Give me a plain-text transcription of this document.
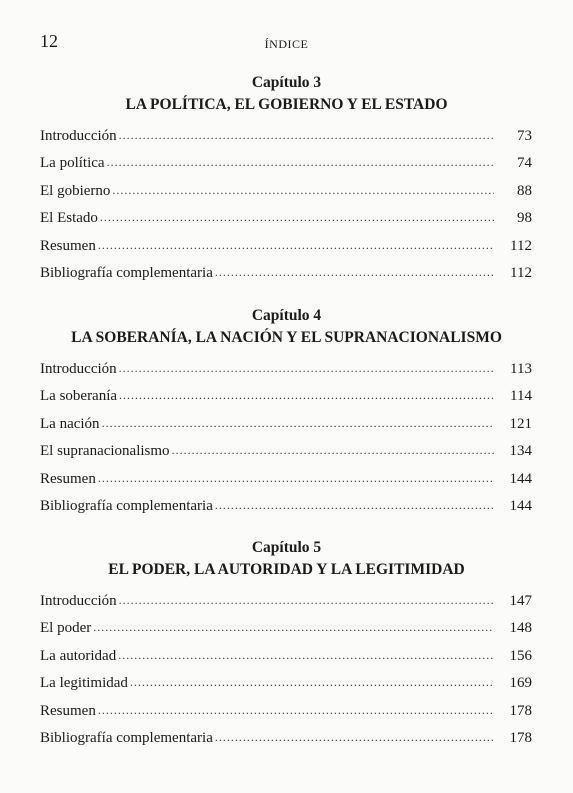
12	ÍNDICE
Capítulo 3
LA POLÍTICA, EL GOBIERNO Y EL ESTADO
Introducción .....	73
La política .....	74
El gobierno .....	88
El Estado .....	98
Resumen .....	112
Bibliografía complementaria .....	112
Capítulo 4
LA SOBERANÍA, LA NACIÓN Y EL SUPRANACIONALISMO
Introducción .....	113
La soberanía .....	114
La nación .....	121
El supranacionalismo .....	134
Resumen .....	144
Bibliografía complementaria .....	144
Capítulo 5
EL PODER, LA AUTORIDAD Y LA LEGITIMIDAD
Introducción .....	147
El poder .....	148
La autoridad .....	156
La legitimidad .....	169
Resumen .....	178
Bibliografía complementaria .....	178
